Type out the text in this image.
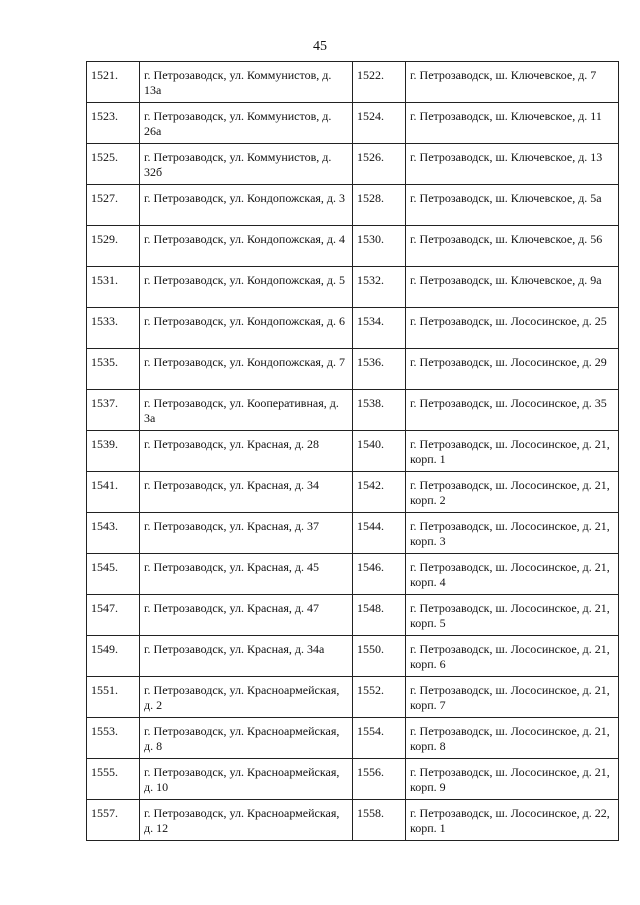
45
1521.	г. Петрозаводск, ул. Коммунистов, д. 13а	1522.	г. Петрозаводск, ш. Ключевское, д. 7
1523.	г. Петрозаводск, ул. Коммунистов, д. 26а	1524.	г. Петрозаводск, ш. Ключевское, д. 11
1525.	г. Петрозаводск, ул. Коммунистов, д. 32б	1526.	г. Петрозаводск, ш. Ключевское, д. 13
1527.	г. Петрозаводск, ул. Кондопожская, д. 3	1528.	г. Петрозаводск, ш. Ключевское, д. 5а
1529.	г. Петрозаводск, ул. Кондопожская, д. 4	1530.	г. Петрозаводск, ш. Ключевское, д. 56
1531.	г. Петрозаводск, ул. Кондопожская, д. 5	1532.	г. Петрозаводск, ш. Ключевское, д. 9а
1533.	г. Петрозаводск, ул. Кондопожская, д. 6	1534.	г. Петрозаводск, ш. Лососинское, д. 25
1535.	г. Петрозаводск, ул. Кондопожская, д. 7	1536.	г. Петрозаводск, ш. Лососинское, д. 29
1537.	г. Петрозаводск, ул. Кооперативная, д. 3а	1538.	г. Петрозаводск, ш. Лососинское, д. 35
1539.	г. Петрозаводск, ул. Красная, д. 28	1540.	г. Петрозаводск, ш. Лососинское, д. 21, корп. 1
1541.	г. Петрозаводск, ул. Красная, д. 34	1542.	г. Петрозаводск, ш. Лососинское, д. 21, корп. 2
1543.	г. Петрозаводск, ул. Красная, д. 37	1544.	г. Петрозаводск, ш. Лососинское, д. 21, корп. 3
1545.	г. Петрозаводск, ул. Красная, д. 45	1546.	г. Петрозаводск, ш. Лососинское, д. 21, корп. 4
1547.	г. Петрозаводск, ул. Красная, д. 47	1548.	г. Петрозаводск, ш. Лососинское, д. 21, корп. 5
1549.	г. Петрозаводск, ул. Красная, д. 34а	1550.	г. Петрозаводск, ш. Лососинское, д. 21, корп. 6
1551.	г. Петрозаводск, ул. Красноармейская, д. 2	1552.	г. Петрозаводск, ш. Лососинское, д. 21, корп. 7
1553.	г. Петрозаводск, ул. Красноармейская, д. 8	1554.	г. Петрозаводск, ш. Лососинское, д. 21, корп. 8
1555.	г. Петрозаводск, ул. Красноармейская, д. 10	1556.	г. Петрозаводск, ш. Лососинское, д. 21, корп. 9
1557.	г. Петрозаводск, ул. Красноармейская, д. 12	1558.	г. Петрозаводск, ш. Лососинское, д. 22, корп. 1
